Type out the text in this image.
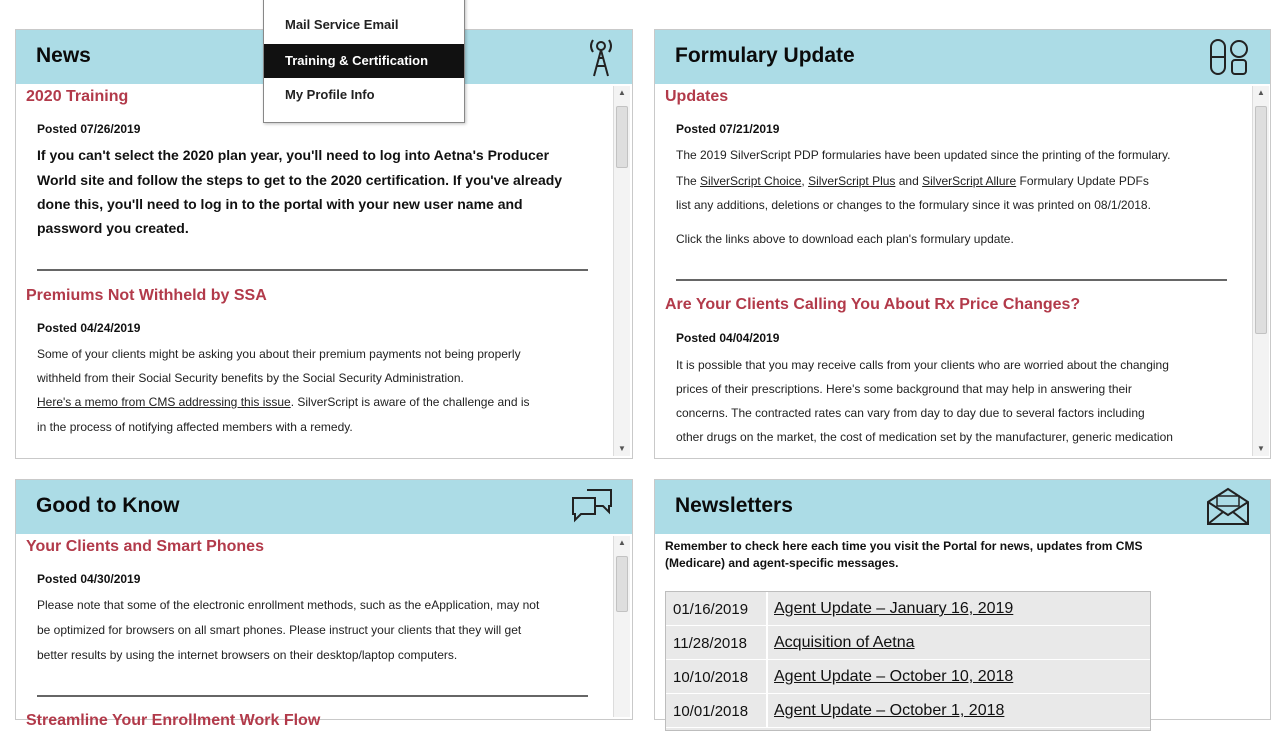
News
2020 Training
Posted 07/26/2019
If you can't select the 2020 plan year, you'll need to log into Aetna's Producer
World site and follow the steps to get to the 2020 certification. If you've already
done this, you'll need to log in to the portal with your new user name and
password you created.
Premiums Not Withheld by SSA
Posted 04/24/2019
Some of your clients might be asking you about their premium payments not being properly
withheld from their Social Security benefits by the Social Security Administration.
Here's a memo from CMS addressing this issue. SilverScript is aware of the challenge and is
in the process of notifying affected members with a remedy.
▲
▼
Formulary Update
Updates
Posted 07/21/2019
The 2019 SilverScript PDP formularies have been updated since the printing of the formulary.
The SilverScript Choice, SilverScript Plus and SilverScript Allure Formulary Update PDFs
list any additions, deletions or changes to the formulary since it was printed on 08/1/2018.
Click the links above to download each plan's formulary update.
Are Your Clients Calling You About Rx Price Changes?
Posted 04/04/2019
It is possible that you may receive calls from your clients who are worried about the changing
prices of their prescriptions. Here's some background that may help in answering their
concerns. The contracted rates can vary from day to day due to several factors including
other drugs on the market, the cost of medication set by the manufacturer, generic medication
▲
▼
Good to Know
Your Clients and Smart Phones
Posted 04/30/2019
Please note that some of the electronic enrollment methods, such as the eApplication, may not
be optimized for browsers on all smart phones. Please instruct your clients that they will get
better results by using the internet browsers on their desktop/laptop computers.
Streamline Your Enrollment Work Flow
▲
Newsletters
Remember to check here each time you visit the Portal for news, updates from CMS
(Medicare) and agent-specific messages.
01/16/2019 Agent Update – January 16, 2019
11/28/2018 Acquisition of Aetna
10/10/2018 Agent Update – October 10, 2018
10/01/2018 Agent Update – October 1, 2018
Mail Service Email
Training & Certification
My Profile Info
